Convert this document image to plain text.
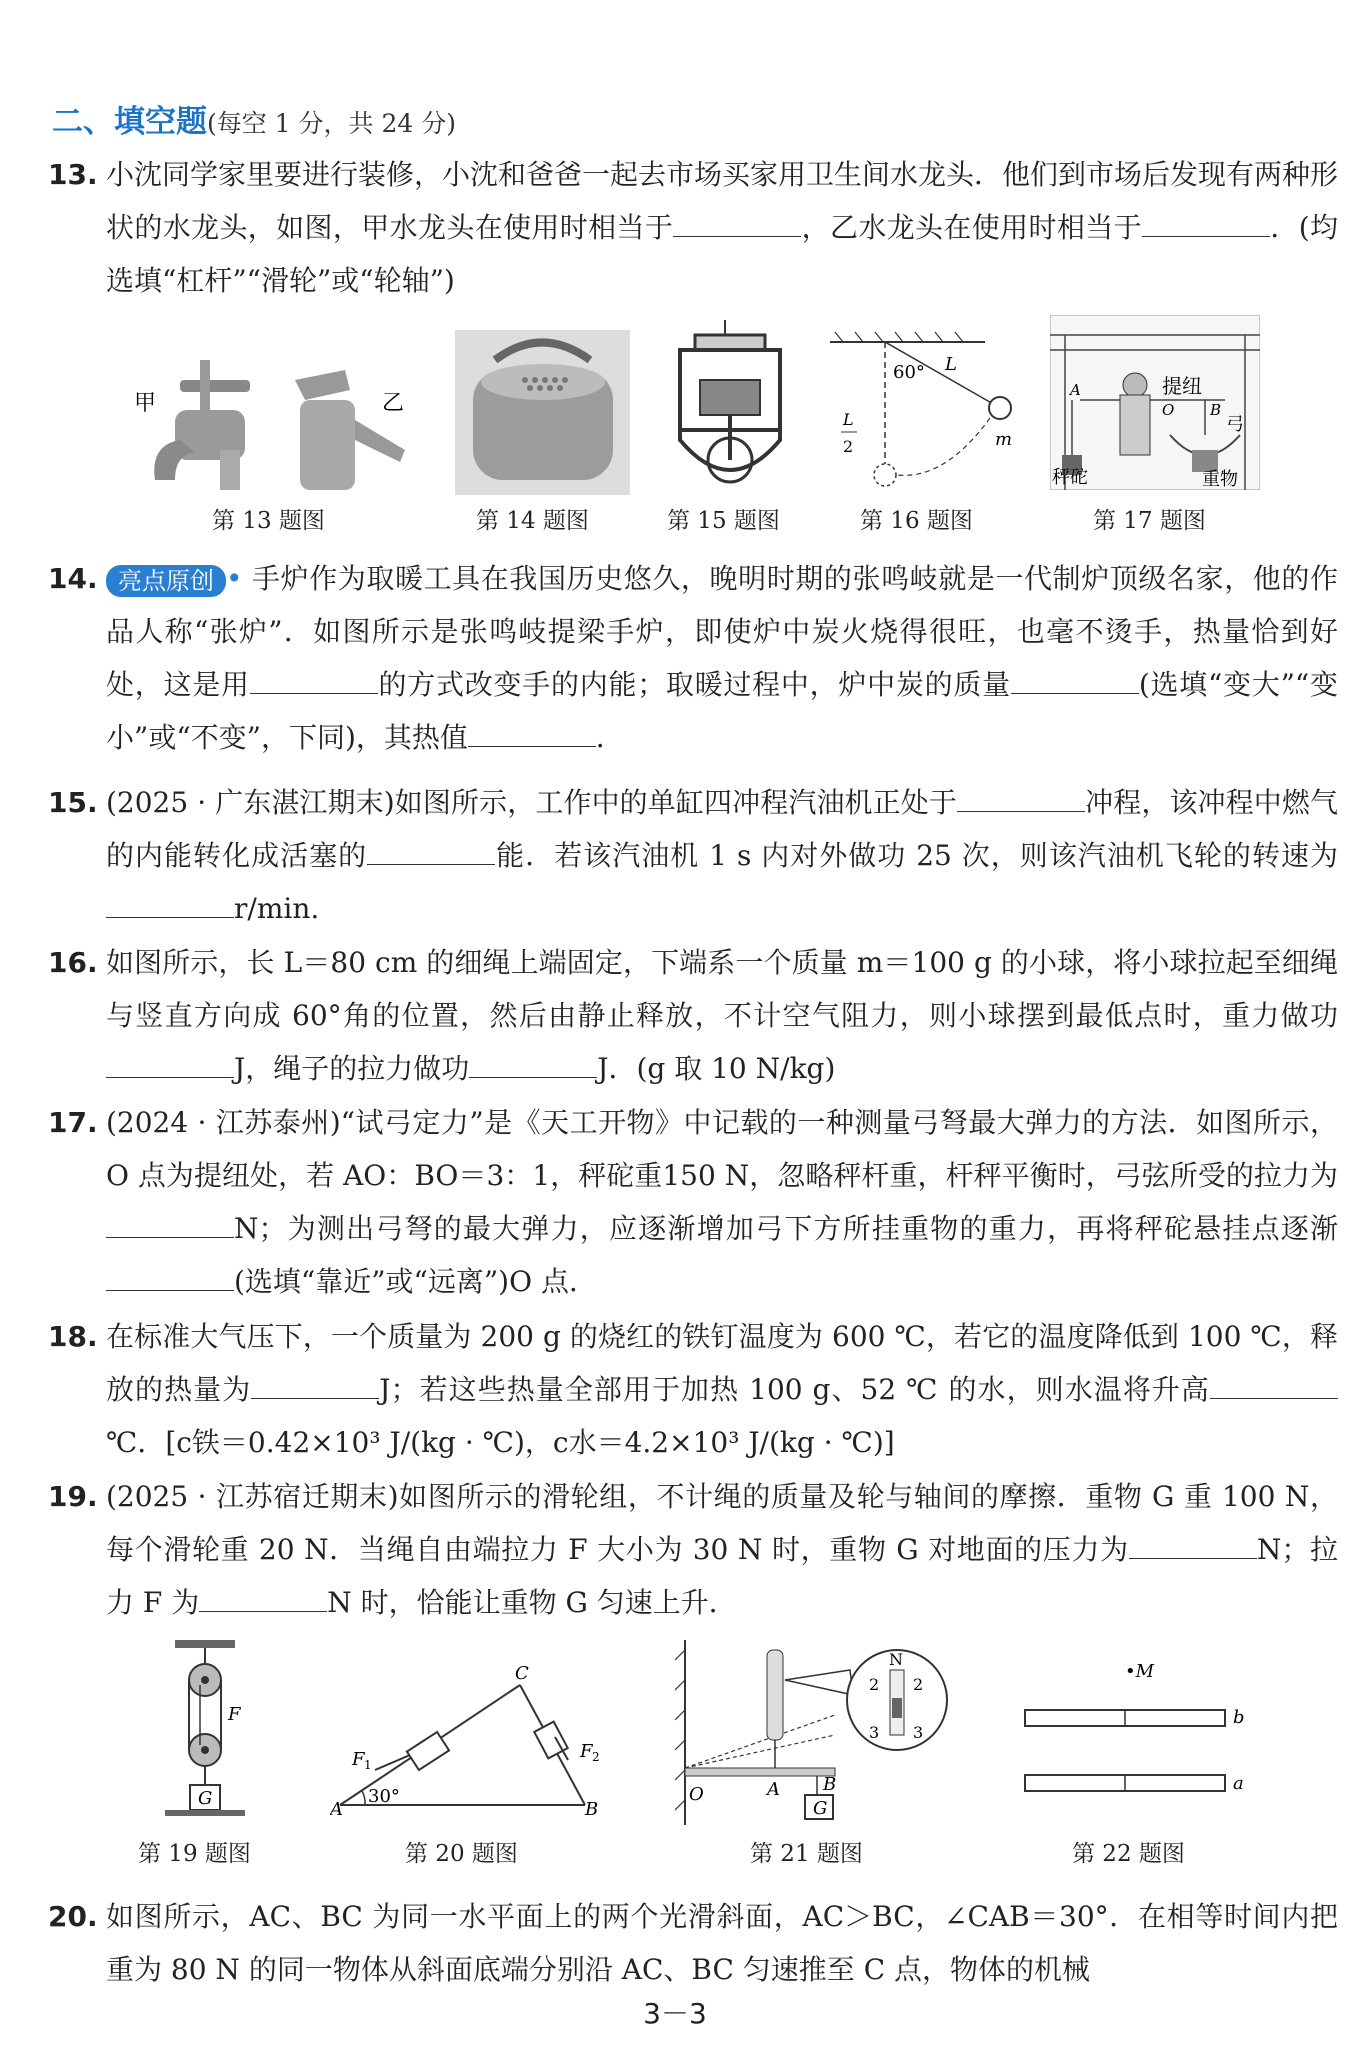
二、填空题(每空 1 分，共 24 分)
13. 小沈同学家里要进行装修，小沈和爸爸一起去市场买家用卫生间水龙头．他们到市场后发现有两种形状的水龙头，如图，甲水龙头在使用时相当于	，乙水龙头在使用时相当于	．(均选填“杠杆”“滑轮”或“轮轴”)
甲	乙
第 13 题图	第 14 题图	第 15 题图
60° L
L
2	m
第 16 题图
提纽
A
O B
弓
重物
秤砣
第 17 题图
14. 亮点原创 • 手炉作为取暖工具在我国历史悠久，晚明时期的张鸣岐就是一代制炉顶级名家，他的作品人称“张炉”．如图所示是张鸣岐提梁手炉，即使炉中炭火烧得很旺，也毫不烫手，热量恰到好处，这是用	的方式改变手的内能；取暖过程中，炉中炭的质量	(选填“变大”“变小”或“不变”，下同)，其热值	．
15. (2025 · 广东湛江期末)如图所示，工作中的单缸四冲程汽油机正处于	冲程，该冲程中燃气的内能转化成活塞的	能．若该汽油机 1 s 内对外做功 25 次，则该汽油机飞轮的转速为r/min.
16. 如图所示，长 L＝80 cm 的细绳上端固定，下端系一个质量 m＝100 g 的小球，将小球拉起至细绳与竖直方向成 60°角的位置，然后由静止释放，不计空气阻力，则小球摆到最低点时，重力做功J，绳子的拉力做功	J．(g 取 10 N/kg)
17. (2024 · 江苏泰州)“试弓定力”是《天工开物》中记载的一种测量弓弩最大弹力的方法．如图所示，O 点为提纽处，若 AO：BO＝3：1，秤砣重150 N，忽略秤杆重，杆秤平衡时，弓弦所受的拉力为N；为测出弓弩的最大弹力，应逐渐增加弓下方所挂重物的重力，再将秤砣悬挂点逐渐(选填“靠近”或“远离”)O 点．
18. 在标准大气压下，一个质量为 200 g 的烧红的铁钉温度为 600 ℃，若它的温度降低到 100 ℃，释放的热量为	J；若这些热量全部用于加热 100 g、52 ℃ 的水，则水温将升高℃．[c铁＝0.42×10³ J/(kg · ℃)，c水＝4.2×10³ J/(kg · ℃)]
19. (2025 · 江苏宿迁期末)如图所示的滑轮组，不计绳的质量及轮与轴间的摩擦．重物 G 重 100 N，每个滑轮重 20 N．当绳自由端拉力 F 大小为 30 N 时，重物 G 对地面的压力为	N；拉力 F 为	N 时，恰能让重物 G 匀速上升．
G
F
第 19 题图
30°
C
A	B
F 1
F 2
第 20 题图
G
O	A B
N
2 2
3 3
第 21 题图
•M
b
a
第 22 题图
20. 如图所示，AC、BC 为同一水平面上的两个光滑斜面，AC＞BC，∠CAB＝30°．在相等时间内把重为 80 N 的同一物体从斜面底端分别沿 AC、BC 匀速推至 C 点，物体的机械
3－3
